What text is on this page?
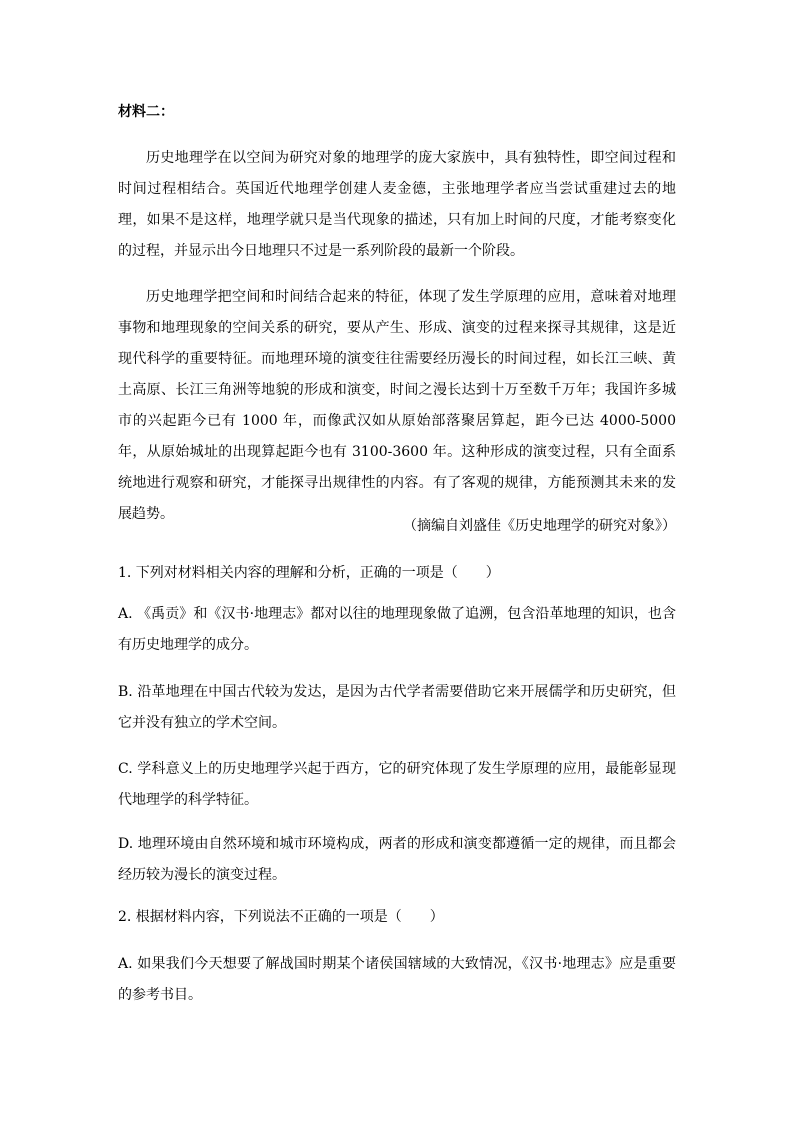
材料二：

历史地理学在以空间为研究对象的地理学的庞大家族中，具有独特性，即空间过程和时间过程相结合。英国近代地理学创建人麦金德，主张地理学者应当尝试重建过去的地理，如果不是这样，地理学就只是当代现象的描述，只有加上时间的尺度，才能考察变化的过程，并显示出今日地理只不过是一系列阶段的最新一个阶段。

历史地理学把空间和时间结合起来的特征，体现了发生学原理的应用，意味着对地理事物和地理现象的空间关系的研究，要从产生、形成、演变的过程来探寻其规律，这是近现代科学的重要特征。而地理环境的演变往往需要经历漫长的时间过程，如长江三峡、黄土高原、长江三角洲等地貌的形成和演变，时间之漫长达到十万至数千万年；我国许多城市的兴起距今已有 1000 年，而像武汉如从原始部落聚居算起，距今已达 4000-5000 年，从原始城址的出现算起距今也有 3100-3600 年。这种形成的演变过程，只有全面系统地进行观察和研究，才能探寻出规律性的内容。有了客观的规律，方能预测其未来的发展趋势。

（摘编自刘盛佳《历史地理学的研究对象》）

1. 下列对材料相关内容的理解和分析，正确的一项是（　　）

A. 《禹贡》和《汉书·地理志》都对以往的地理现象做了追溯，包含沿革地理的知识，也含有历史地理学的成分。

B. 沿革地理在中国古代较为发达，是因为古代学者需要借助它来开展儒学和历史研究，但它并没有独立的学术空间。

C. 学科意义上的历史地理学兴起于西方，它的研究体现了发生学原理的应用，最能彰显现代地理学的科学特征。

D. 地理环境由自然环境和城市环境构成，两者的形成和演变都遵循一定的规律，而且都会经历较为漫长的演变过程。

2. 根据材料内容，下列说法不正确的一项是（　　）

A. 如果我们今天想要了解战国时期某个诸侯国辖域的大致情况，《汉书·地理志》应是重要的参考书目。
